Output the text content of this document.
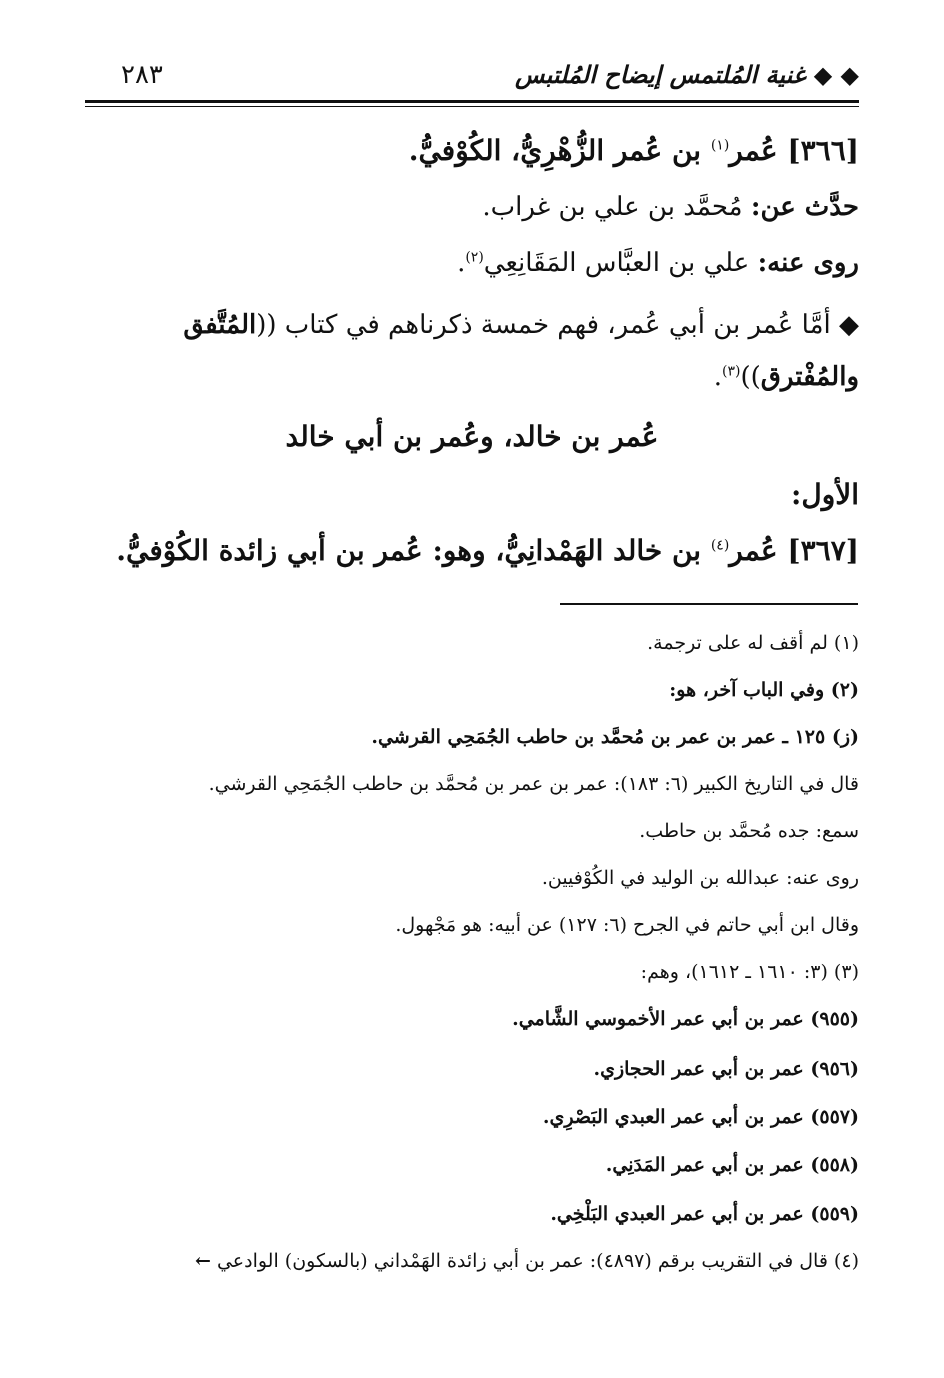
٢٨٣	◆ ◆ غنية المُلتمس إيضاح المُلتبس
[٣٦٦] عُمر$^{(١)}$ بن عُمر الزُّهْرِيُّ، الكُوْفيُّ.
حدَّث عن: مُحمَّد بن علي بن غراب.
روى عنه: علي بن العبَّاس المَقَانِعِي$^{(٢)}$.
◆ أمَّا عُمر بن أبي عُمر، فهم خمسة ذكرناهم في كتاب ((المُتَّفق
والمُفْترق))$^{(٣)}$.
عُمر بن خالد، وعُمر بن أبي خالد
الأول:
[٣٦٧] عُمر$^{(٤)}$ بن خالد الهَمْدانِيُّ، وهو: عُمر بن أبي زائدة الكُوْفيُّ.
(١) لم أقف له على ترجمة.
(٢) وفي الباب آخر، هو:
(ز) ١٢٥ ـ عمر بن عمر بن مُحمَّد بن حاطب الجُمَحِي القرشي.
قال في التاريخ الكبير (٦: ١٨٣): عمر بن عمر بن مُحمَّد بن حاطب الجُمَحِي القرشي.
سمع: جده مُحمَّد بن حاطب.
روى عنه: عبدالله بن الوليد في الكُوْفيين.
وقال ابن أبي حاتم في الجرح (٦: ١٢٧) عن أبيه: هو مَجْهول.
(٣) (٣: ١٦١٠ ـ ١٦١٢)، وهم:
(٩٥٥) عمر بن أبي عمر الأخموسي الشَّامي.
(٩٥٦) عمر بن أبي عمر الحجازي.
(٥٥٧) عمر بن أبي عمر العبدي البَصْرِي.
(٥٥٨) عمر بن أبي عمر المَدَنِي.
(٥٥٩) عمر بن أبي عمر العبدي البَلْخِي.
(٤) قال في التقريب برقم (٤٨٩٧): عمر بن أبي زائدة الهَمْداني (بالسكون) الوادعي←
